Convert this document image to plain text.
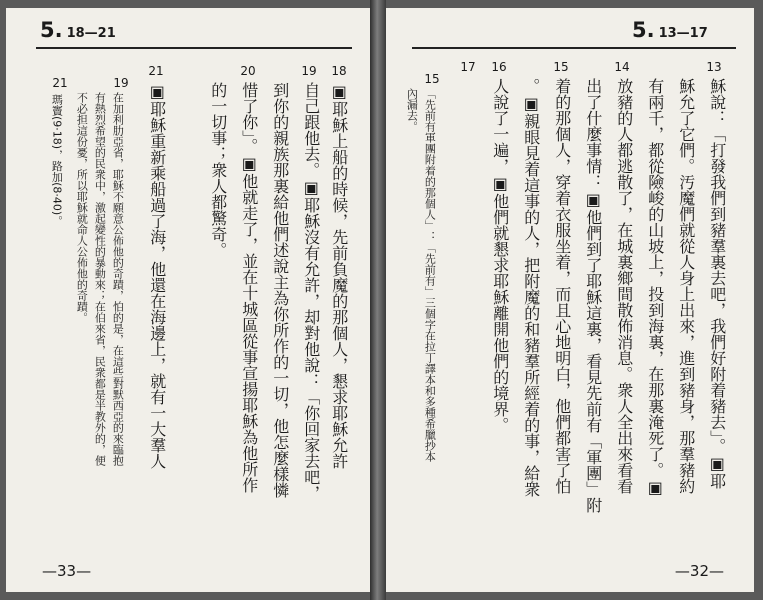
5. 18—21
18
19
20
21
19
21	▣耶穌上船的時候，先前負魔的那個人，懇求耶穌允許
自己跟他去。▣耶穌沒有允許，却對他說：「你回家去吧，
到你的親族那裏給他們述說主為你所作的一切，他怎麼樣憐
惜了你」。▣他就走了，並在十城區從事宣揚耶穌為他所作
的一切事；衆人都驚奇。
▣耶穌重新乘船過了海，他還在海邊上，就有一大羣人
在加利肋亞省，耶穌不願意公佈他的奇蹟，怕的是，在這些對默西亞的來臨抱
有熱烈希望的民衆中，激起變性的暴動來；在伯來省，民衆都是半教外的，便
不必担這份憂，所以耶穌就命人公佈他的奇蹟。
瑪竇(9·18)，路加(8·40)。
—33—
5. 13—17
13
14
15
16
17
15	穌說：「打發我們到豬羣裏去吧，我們好附着豬去」。▣耶
穌允了它們。汚魔們就從人身上出來，進到豬身，那羣豬約
有兩千，都從險峻的山坡上，投到海裏，在那裏淹死了。▣
放豬的人都逃散了，在城裏鄉間散佈消息。衆人全出來看看
出了什麼事情：▣他們到了耶穌這裏，看見先前有「軍團」附
着的那個人，穿着衣服坐着，而且心地明白，他們都害了怕
。▣親眼見着這事的人，把附魔的和豬羣所經着的事，給衆
人說了一遍，▣他們就懇求耶穌離開他們的境界。
「先前有軍團附着的那個人」：「先前有」三個字在拉丁譯本和多種希臘抄本
內漏去。
—32—
